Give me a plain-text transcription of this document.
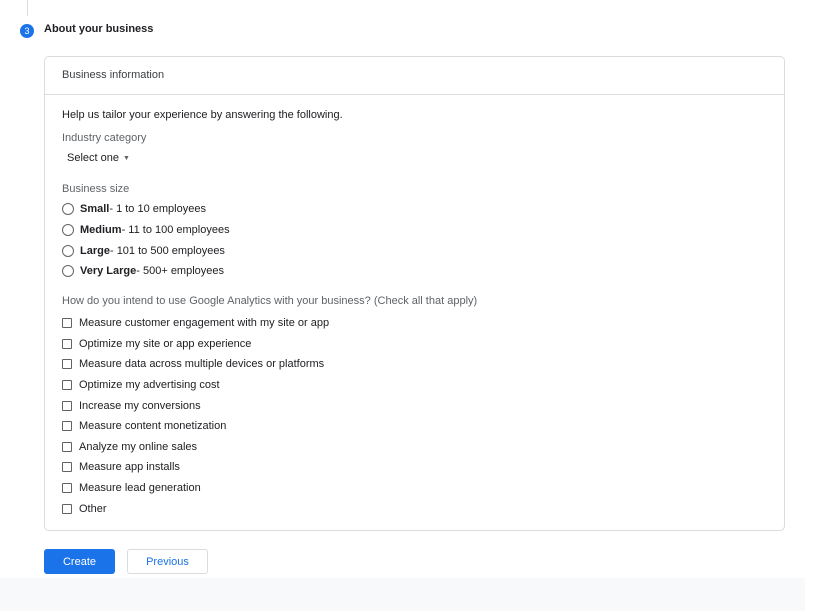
3	About your business
Business information
Help us tailor your experience by answering the following.
Industry category
Select one ▼
Business size
Small - 1 to 10 employees
Medium - 11 to 100 employees
Large - 101 to 500 employees
Very Large - 500+ employees
How do you intend to use Google Analytics with your business? (Check all that apply)
Measure customer engagement with my site or app
Optimize my site or app experience
Measure data across multiple devices or platforms
Optimize my advertising cost
Increase my conversions
Measure content monetization
Analyze my online sales
Measure app installs
Measure lead generation
Other
Create	Previous
